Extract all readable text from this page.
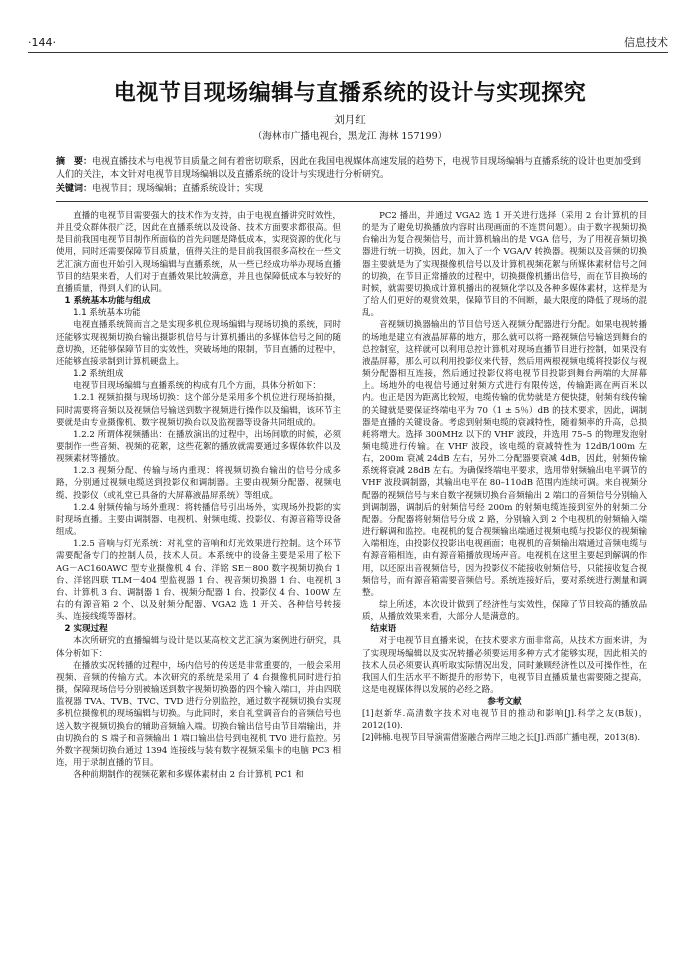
·144·	信息技术
电视节目现场编辑与直播系统的设计与实现探究
刘月红
（海林市广播电视台，黑龙江 海林 157199）
摘　要：电视直播技术与电视节目质量之间有着密切联系，因此在我国电视媒体高速发展的趋势下，电视节目现场编辑与直播系统的设计也更加受到人们的关注，本文针对电视节目现场编辑以及直播系统的设计与实现进行分析研究。
关键词：电视节目；现场编辑；直播系统设计；实现

直播的电视节目需要强大的技术作为支持，由于电视直播讲究时效性，并且受众群体很广泛，因此在直播系统以及设备、技术方面要求都很高。但是目前我国电视节目制作所面临的首先问题是降低成本，实现资源的优化与使用，同时还需要保障节目质量，值得关注的是目前我国很多高校在一些文艺汇演方面也开始引入现场编辑与直播系统，从一些已经成功举办现场直播节目的结果来看，人们对于直播效果比较满意，并且也保障低成本与较好的直播质量，得到人们的认同。

1 系统基本功能与组成
1.1 系统基本功能

电视直播系统简而言之是实现多机位现场编辑与现场切换的系统，同时还能够实现视频切换台输出摄影机信号与计算机播出的多媒体信号之间的随意切换，还能够保障节目的实效性，突破场地的限制，节目直播的过程中，还能够直接录制到计算机硬盘上。

1.2 系统组成

电视节目现场编辑与直播系统的构成有几个方面，具体分析如下：

1.2.1 视频拍摄与现场切换：这个部分是采用多个机位进行现场拍摄，同时需要将音频以及视频信号输送到数字视频进行操作以及编辑，该环节主要就是由专业摄像机、数字视频切换台以及监视器等设备共同组成的。

1.2.2 所谓体视频播出：在播放演出的过程中，出场间歇的时候，必须要制作一些音频、视频的花絮，这些花絮的播放就需要通过多媒体软件以及视频素材等播放。

1.2.3 视频分配、传输与场内重现：将视频切换台输出的信号分成多路，分别通过视频电缆送到投影仪和调制器。主要由视频分配器、视频电缆、投影仪（或礼堂已具备的大屏幕液晶屏系统）等组成。

1.2.4 射频传输与场外重现：将转播信号引出场外，实现场外投影的实时现场直播。主要由调制器、电视机、射频电缆、投影仪、有源音箱等设备组成。

1.2.5 音响与灯光系统：对礼堂的音响和灯光效果进行控制。这个环节需要配备专门的控制人员，技术人员。本系统中的设备主要是采用了松下 AG－AC160AWC 型专业摄像机 4 台、洋铭 SE－800 数字视频切换台 1 台、洋铭四联 TLM－404 型监视器 1 台、视音频切换器 1 台、电视机 3 台、计算机 3 台、调制器 1 台、视频分配器 1 台、投影仪 4 台、100W 左右的有源音箱 2 个、以及射频分配器、VGA2 选 1 开关、各种信号转接头、连接线缆等器材。

2 实现过程

本次所研究的直播编辑与设计是以某高校文艺汇演为案例进行研究，具体分析如下：

在播放实况转播的过程中，场内信号的传送是非常重要的，一般会采用视频、音频的传输方式。本次研究的系统是采用了 4 台摄像机同时进行拍摄，保障现场信号分别被输送到数字视频切换器的四个输入端口，并由四联监视器 TVA、TVB、TVC、TVD 进行分别监控，通过数字视频切换台实现多机位摄像机的现场编辑与切换。与此同时，来自礼堂调音台的音频信号也送入数字视频切换台的辅助音频输入端。切换台输出信号由节目端输出，并由切换台的 S 端子和音频输出 1 端口输出信号到电视机 TV0 进行监控。另外数字视频切换台通过 1394 连接线与装有数字视频采集卡的电脑 PC3 相连，用于录制直播的节目。

各种前期制作的视频花絮和多媒体素材由 2 台计算机 PC1 和

PC2 播出，并通过 VGA2 选 1 开关进行选择（采用 2 台计算机的目的是为了避免切换播放内容时出现画面的不连贯问题）。由于数字视频切换台输出为复合视频信号，而计算机输出的是 VGA 信号，为了用视音频切换器进行统一切换，因此，加入了一个 VGA/V 转换器。视频以及音频的切换器主要就是为了实现摄像机信号以及计算机视频花絮与所媒体素材信号之间的切换，在节目正常播放的过程中，切换摄像机播出信号，而在节目换场的时候，就需要切换成计算机播出的视频化学以及各种多媒体素材，这样是为了给人们更好的观赏效果，保障节目的不间断，最大限度的降低了现场的混乱。

音视频切换器输出的节目信号送入视频分配器进行分配。如果电视转播的场地是建立有液晶屏幕的地方，那么就可以将一路视频信号输送到舞台的总控制室，这样就可以利用总控计算机对现场直播节目进行控制，如果没有液晶屏幕，那么可以利用投影仪来代替，然后用两根视频电缆将投影仪与视频分配器相互连接，然后通过投影仪将电视节目投影到舞台两端的大屏幕上。场地外的电视信号通过射频方式进行有限传送，传输距离在两百米以内。也正是因为距离比较短，电缆传输的优势就是方便快捷，射频有线传输的关键就是要保证终端电平为 70（1 ± 5％）dB 的技术要求，因此，调制器是直播的关键设备。考虑到射频电缆的衰减特性，随着频率的升高，总损耗将增大。选择 300MHz 以下的 VHF 波段，并选用 75–5 的物理发泡射频电缆进行传输。在 VHF 波段，该电缆的衰减特性为 12dB/100m 左右，200m 衰减 24dB 左右，另外二分配器要衰减 4dB，因此，射频传输系统将衰减 28dB 左右。为确保终端电平要求，选用带射频输出电平调节的 VHF 波段调制器，其输出电平在 80–110dB 范围内连续可调。来自视频分配器的视频信号与来自数字视频切换台音频输出 2 端口的音频信号分别输入到调制器，调制后的射频信号经 200m 的射频电缆连接到室外的射频二分配器。分配器将射频信号分成 2 路，分别输入到 2 个电视机的射频输入端进行解调和监控。电视机的复合视频输出端通过视频电缆与投影仪的视频输入端相连，由投影仪投影出电视画面；电视机的音频输出端通过音频电缆与有源音箱相连，由有源音箱播放现场声音。电视机在这里主要起到解调的作用，以还原出音视频信号，因为投影仪不能接收射频信号，只能接收复合视频信号，而有源音箱需要音频信号。系统连接好后，要对系统进行测量和调整。

综上所述，本次设计做到了经济性与实效性，保障了节目较高的播放品质，从播放效果来看，大部分人是满意的。

结束语

对于电视节目直播来说，在技术要求方面非常高，从技术方面来讲，为了实现现场编辑以及实况转播必须要运用多种方式才能够实现，因此相关的技术人员必须要认真听取实际情况出发，同时兼顾经济性以及可操作性，在我国人们生活水平不断提升的形势下，电视节目直播质量也需要随之提高，这是电视媒体得以发展的必经之路。

参考文献

[1]赵新华.高清数字技术对电视节目的推动和影响[J].科学之友(B版)，2012(10).

[2]韩楠.电视节目导演需借鉴融合两岸三地之长[J].西部广播电视，2013(8).
